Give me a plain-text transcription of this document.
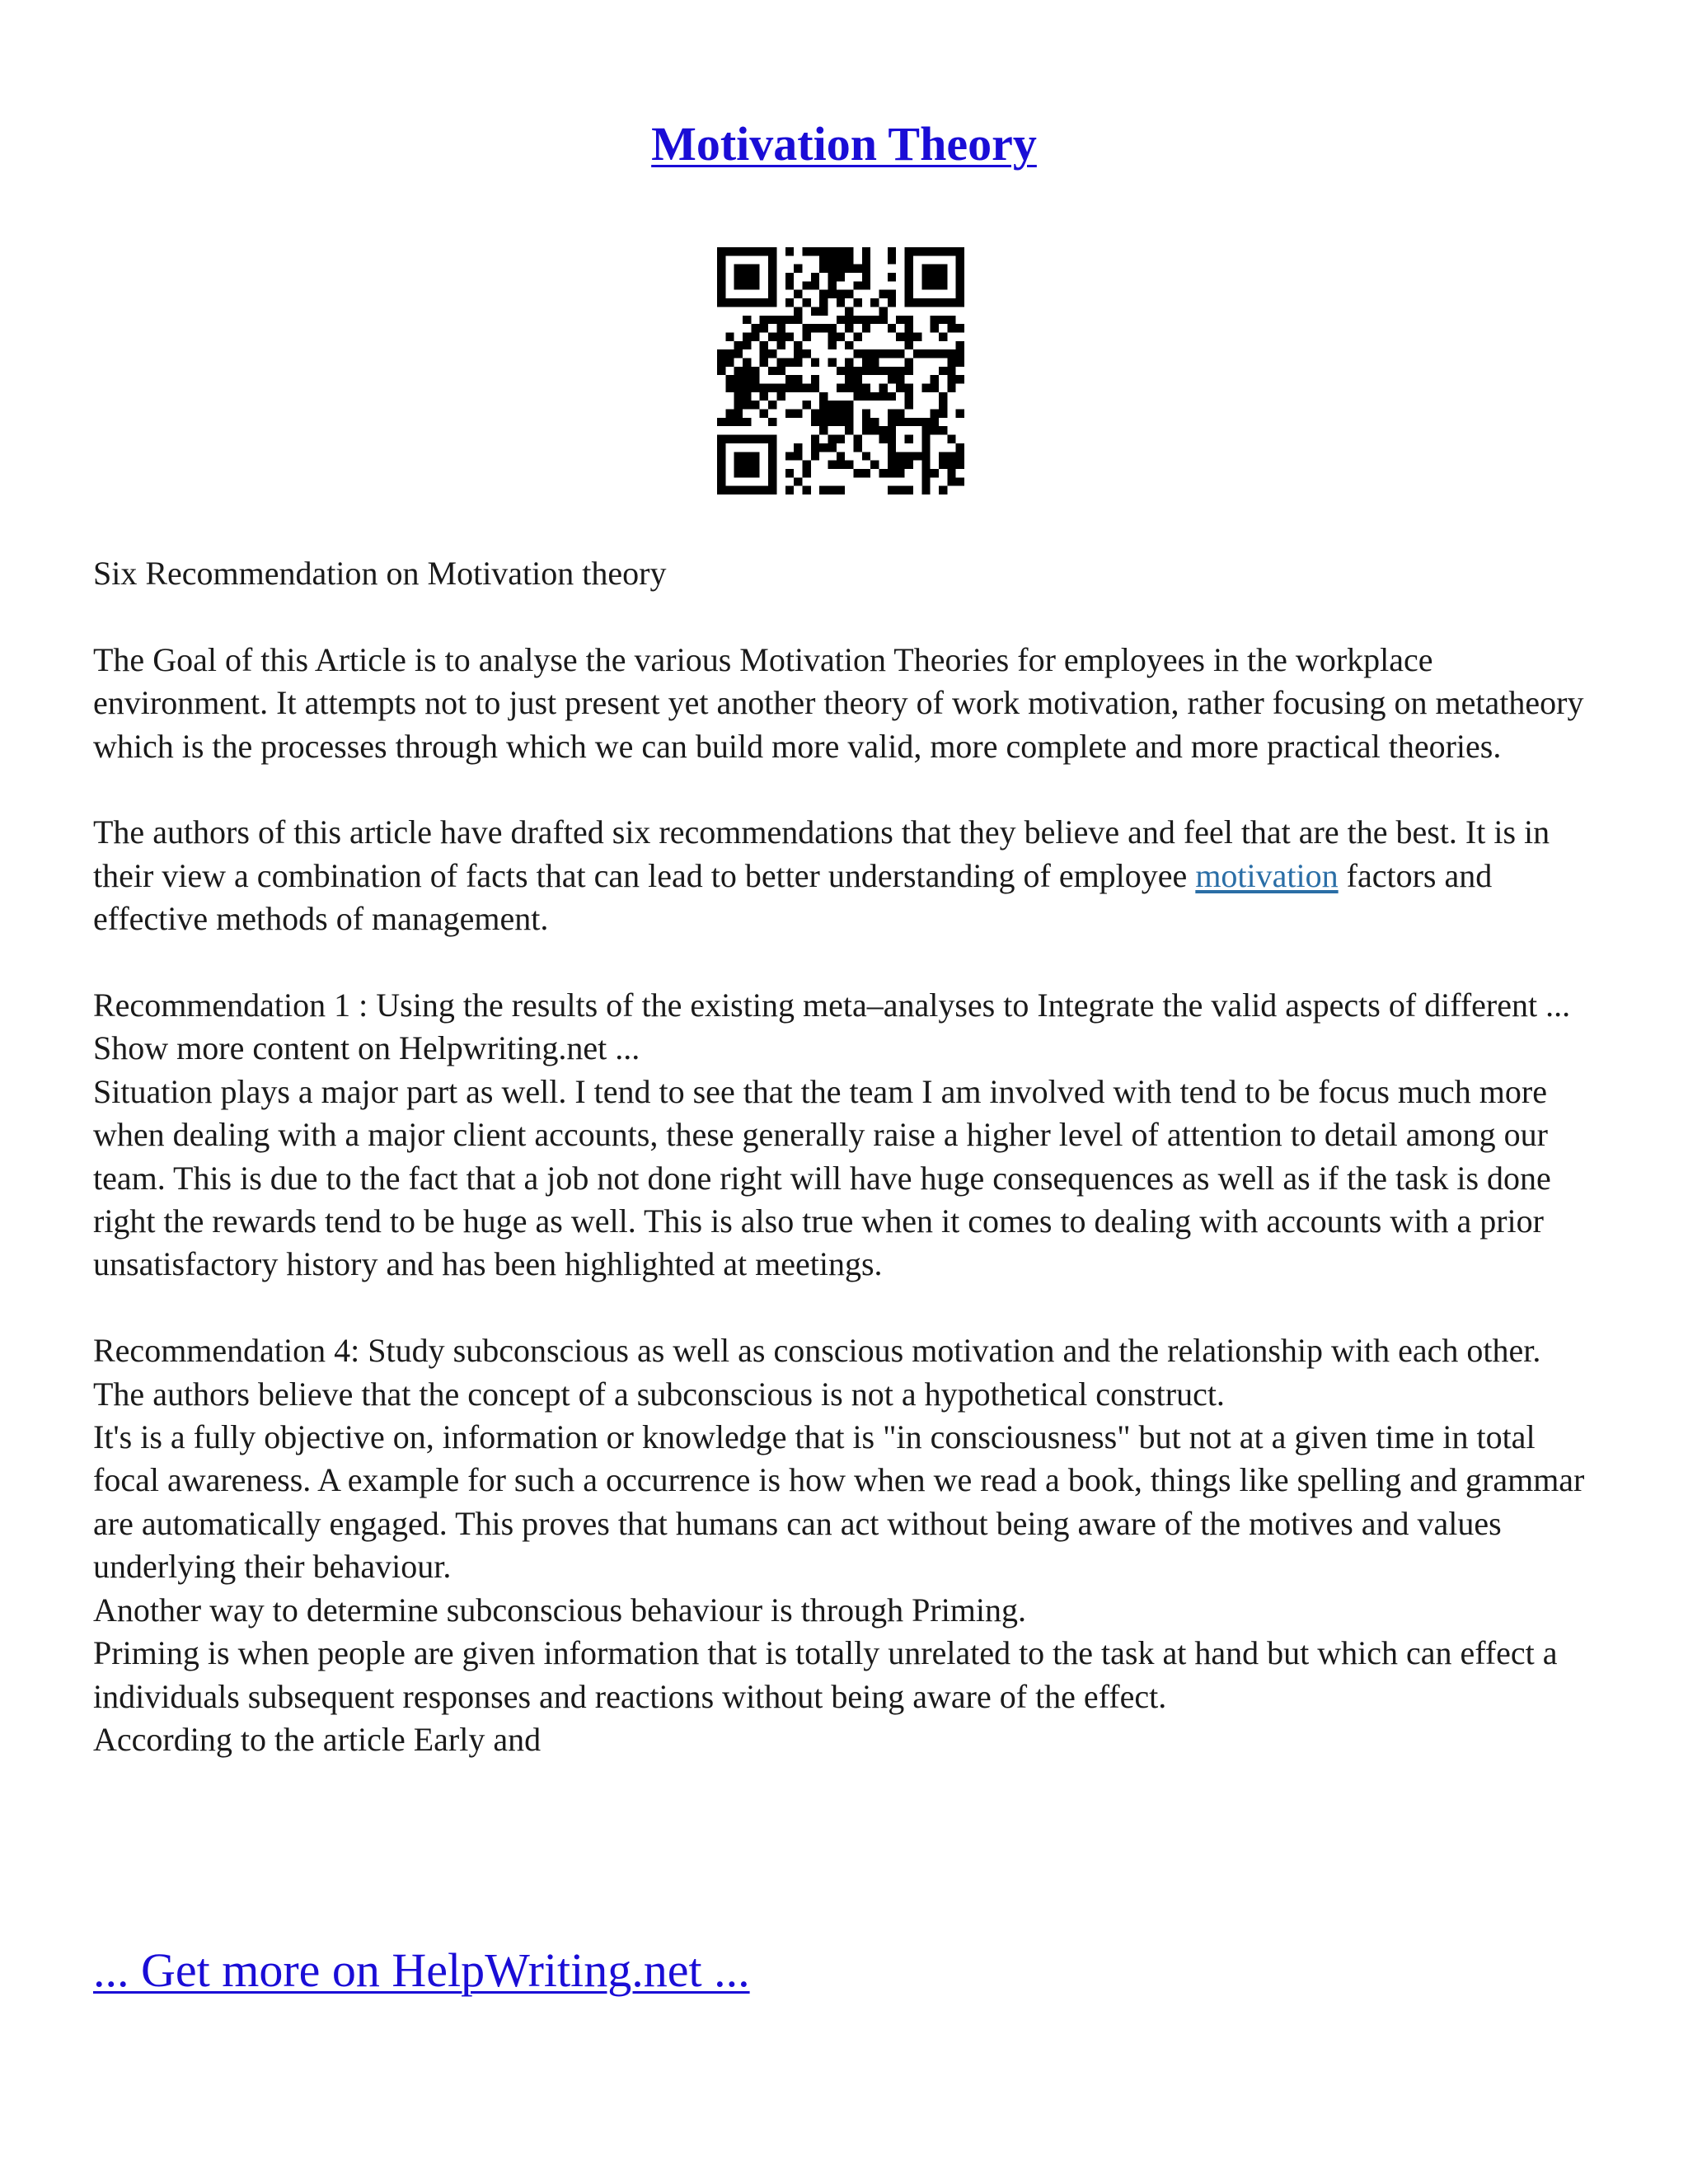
Motivation Theory

Six Recommendation on Motivation theory

The Goal of this Article is to analyse the various Motivation Theories for employees in the workplace environment. It attempts not to just present yet another theory of work motivation, rather focusing on metatheory which is the processes through which we can build more valid, more complete and more practical theories.

The authors of this article have drafted six recommendations that they believe and feel that are the best. It is in their view a combination of facts that can lead to better understanding of employee motivation factors and effective methods of management.

Recommendation 1 : Using the results of the existing meta–analyses to Integrate the valid aspects of different ... Show more content on Helpwriting.net ...

Situation plays a major part as well. I tend to see that the team I am involved with tend to be focus much more when dealing with a major client accounts, these generally raise a higher level of attention to detail among our team. This is due to the fact that a job not done right will have huge consequences as well as if the task is done right the rewards tend to be huge as well. This is also true when it comes to dealing with accounts with a prior unsatisfactory history and has been highlighted at meetings.

Recommendation 4: Study subconscious as well as conscious motivation and the relationship with each other.

The authors believe that the concept of a subconscious is not a hypothetical construct.

It's is a fully objective on, information or knowledge that is "in consciousness" but not at a given time in total focal awareness. A example for such a occurrence is how when we read a book, things like spelling and grammar are automatically engaged. This proves that humans can act without being aware of the motives and values underlying their behaviour.

Another way to determine subconscious behaviour is through Priming.

Priming is when people are given information that is totally unrelated to the task at hand but which can effect a individuals subsequent responses and reactions without being aware of the effect.

According to the article Early and

... Get more on HelpWriting.net ...
